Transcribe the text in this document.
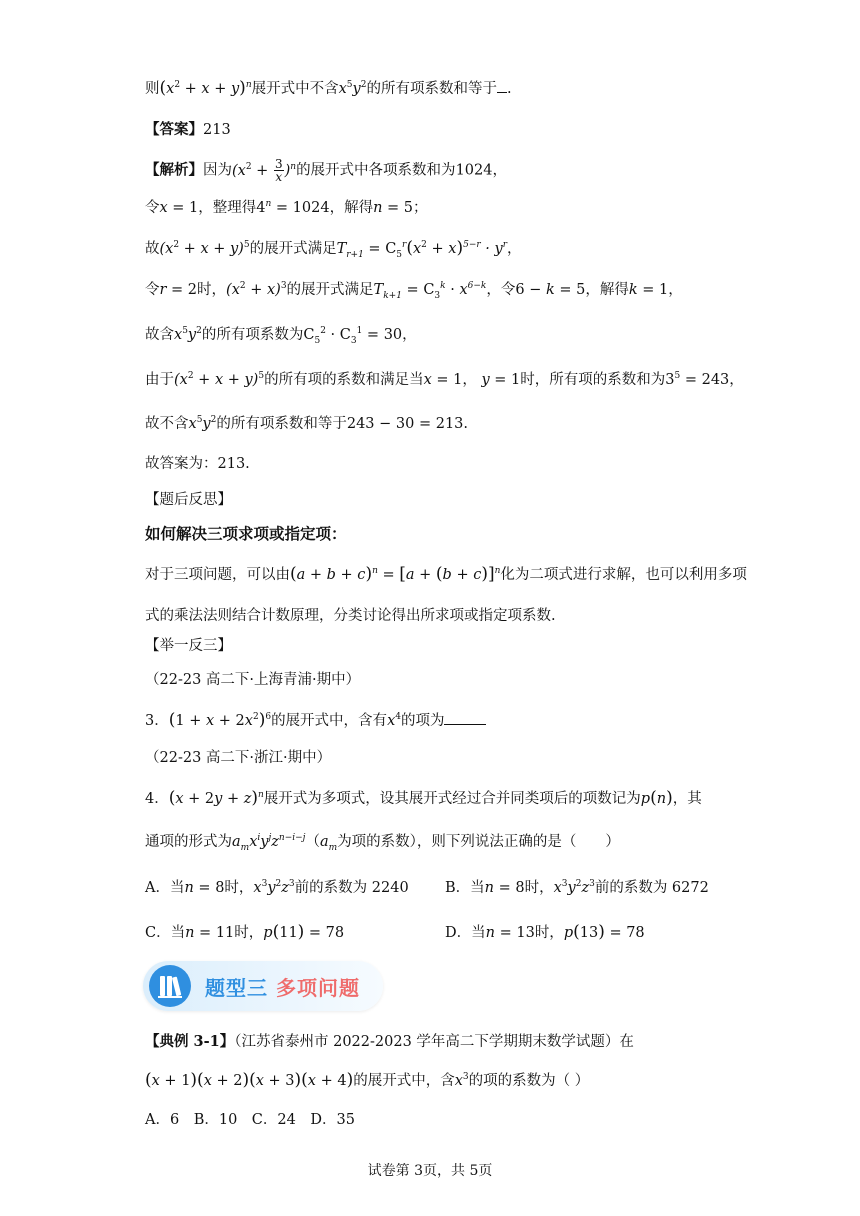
则$(x^2 + x + y)^n$展开式中不含$x^5y^2$的所有项系数和等于 .
【答案】213
【解析】因为$(x^2 + \frac{3}{x} )^n$的展开式中各项系数和为1024，
令x = 1，整理得$4^n = 1024$，解得n = 5；
故$(x^2 + x + y)^5$的展开式满足$T_{r+1} = C_5^r(x^2 + x)^{5-r} \cdot y^r$，
令r = 2时，$(x^2 + x)^3$的展开式满足$T_{k+1} = C_3^k \cdot x^{6-k}$，令6 − k = 5，解得k = 1，
故含$x^5y^2$的所有项系数为$C_5^2 \cdot C_3^1 = 30$，
由于$(x^2 + x + y)^5$的所有项的系数和满足当x = 1， y = 1时，所有项的系数和为$3^5 = 243$，
故不含$x^5y^2$的所有项系数和等于243 − 30 = 213.
故答案为：213.
【题后反思】
如何解决三项求项或指定项：
对于三项问题，可以由$(a + b + c)^n = [a + (b + c)]^n$化为二项式进行求解，也可以利用多项
式的乘法法则结合计数原理，分类讨论得出所求项或指定项系数.
【举一反三】
（22-23 高二下·上海青浦·期中）
3．$(1 + x + 2x^2)^6$的展开式中，含有$x^4$的项为
（22-23 高二下·浙江·期中）
4．$(x + 2y + z)^n$展开式为多项式，设其展开式经过合并同类项后的项数记为p(n)，其
通项的形式为$a_mx^iy^jz^{n-i-j}(a_m$为项的系数），则下列说法正确的是（　　）
A．当n = 8时，$x^3y^2z^3$前的系数为 2240	B．当n = 8时，$x^3y^2z^3$前的系数为 6272
C．当n = 11时，p(11) = 78	D．当n = 13时，p(13) = 78
题型三 多项问题
【典例 3-1】（江苏省泰州市 2022-2023 学年高二下学期期末数学试题）在
(x + 1)(x + 2)(x + 3)(x + 4)的展开式中，含$x^3$的项的系数为（ ）
A．6　B．10　C．24　D．35
试卷第 3页，共 5页
